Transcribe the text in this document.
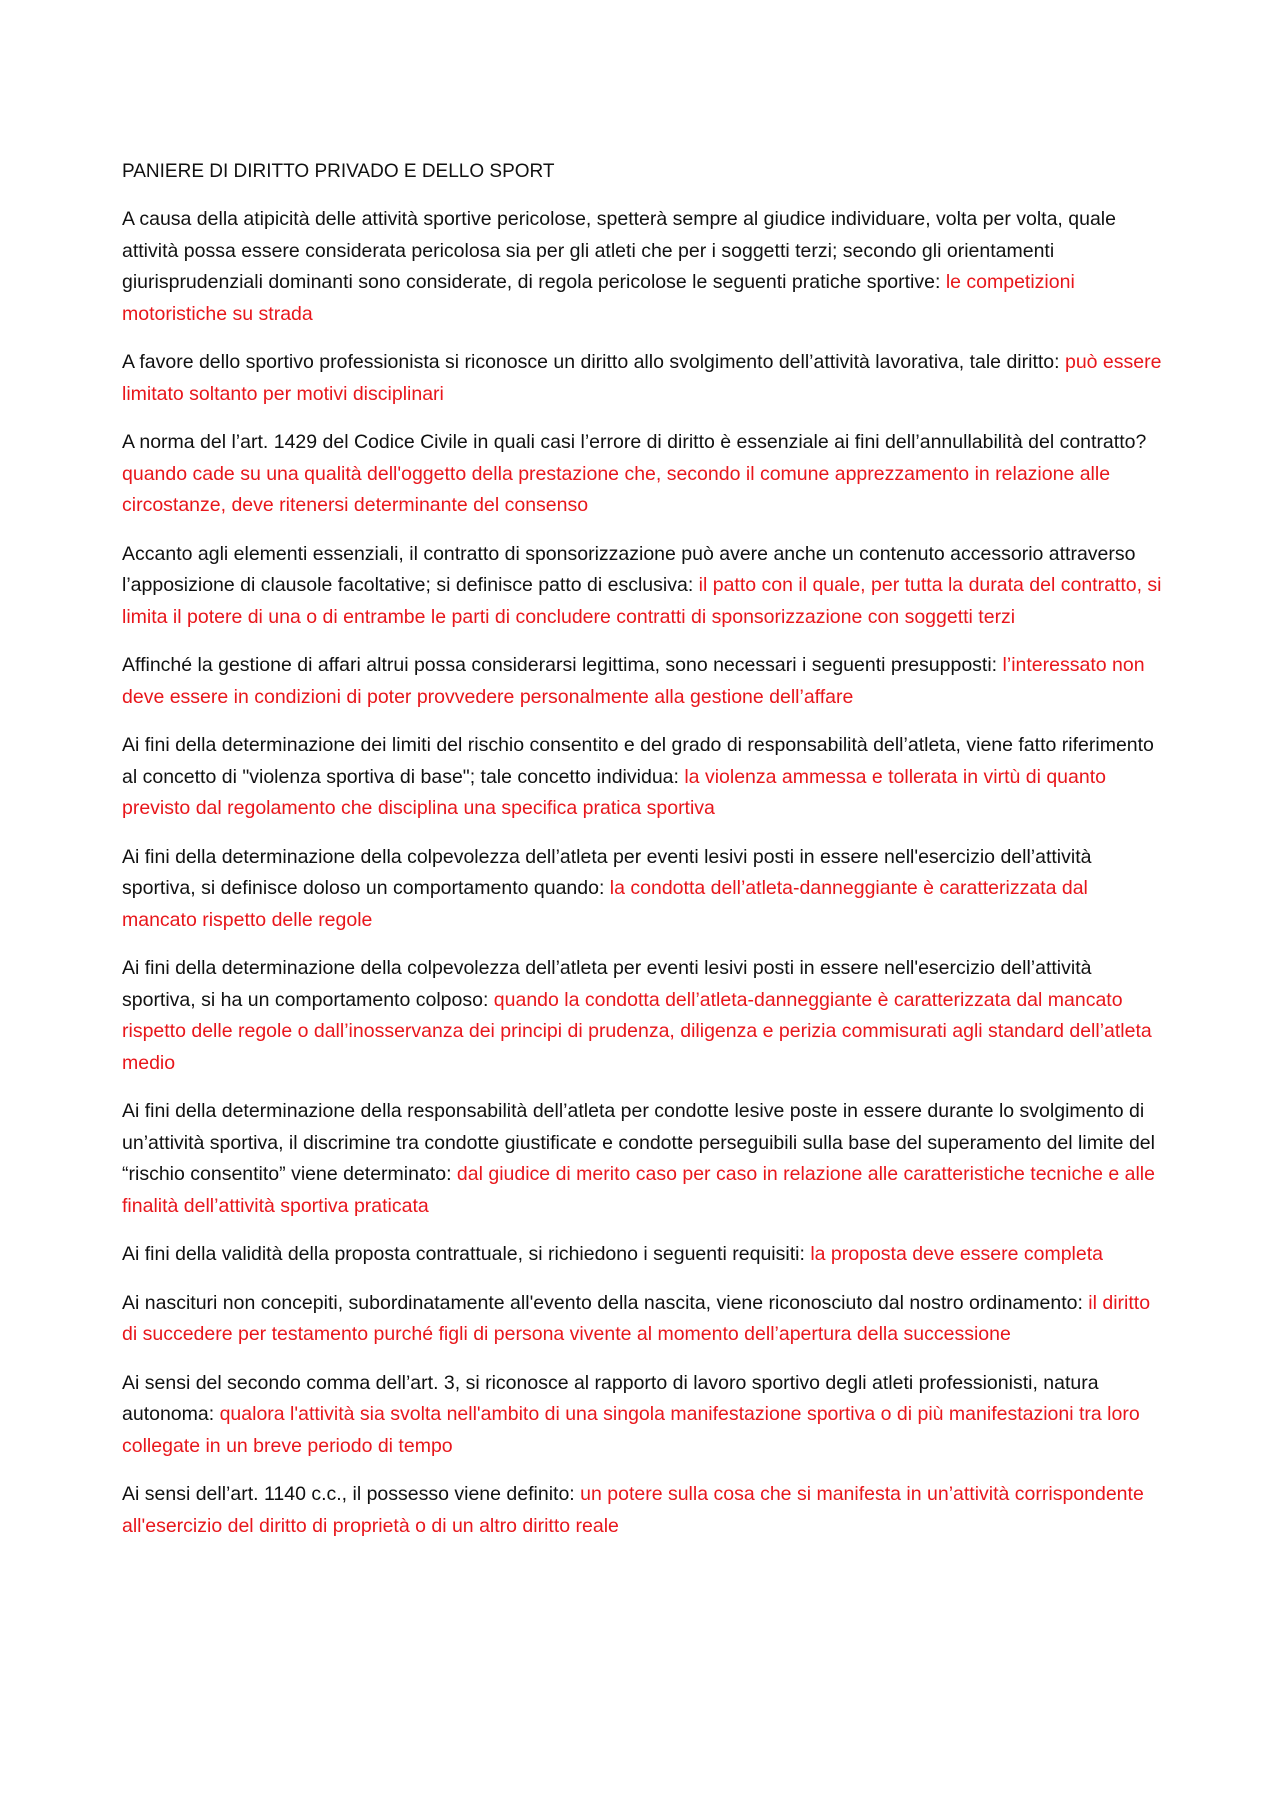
PANIERE DI DIRITTO PRIVADO E DELLO SPORT

A causa della atipicità delle attività sportive pericolose, spetterà sempre al giudice individuare, volta per volta, quale attività possa essere considerata pericolosa sia per gli atleti che per i soggetti terzi; secondo gli orientamenti giurisprudenziali dominanti sono considerate, di regola pericolose le seguenti pratiche sportive: le competizioni motoristiche su strada

A favore dello sportivo professionista si riconosce un diritto allo svolgimento dell’attività lavorativa, tale diritto: può essere limitato soltanto per motivi disciplinari

A norma del l’art. 1429 del Codice Civile in quali casi l’errore di diritto è essenziale ai fini dell’annullabilità del contratto? quando cade su una qualità dell'oggetto della prestazione che, secondo il comune apprezzamento in relazione alle circostanze, deve ritenersi determinante del consenso

Accanto agli elementi essenziali, il contratto di sponsorizzazione può avere anche un contenuto accessorio attraverso l’apposizione di clausole facoltative; si definisce patto di esclusiva: il patto con il quale, per tutta la durata del contratto, si limita il potere di una o di entrambe le parti di concludere contratti di sponsorizzazione con soggetti terzi

Affinché la gestione di affari altrui possa considerarsi legittima, sono necessari i seguenti presupposti: l’interessato non deve essere in condizioni di poter provvedere personalmente alla gestione dell’affare

Ai fini della determinazione dei limiti del rischio consentito e del grado di responsabilità dell’atleta, viene fatto riferimento al concetto di "violenza sportiva di base"; tale concetto individua: la violenza ammessa e tollerata in virtù di quanto previsto dal regolamento che disciplina una specifica pratica sportiva

Ai fini della determinazione della colpevolezza dell’atleta per eventi lesivi posti in essere nell'esercizio dell’attività sportiva, si definisce doloso un comportamento quando: la condotta dell’atleta-danneggiante è caratterizzata dal mancato rispetto delle regole

Ai fini della determinazione della colpevolezza dell’atleta per eventi lesivi posti in essere nell'esercizio dell’attività sportiva, si ha un comportamento colposo: quando la condotta dell’atleta-danneggiante è caratterizzata dal mancato rispetto delle regole o dall’inosservanza dei principi di prudenza, diligenza e perizia commisurati agli standard dell’atleta medio

Ai fini della determinazione della responsabilità dell’atleta per condotte lesive poste in essere durante lo svolgimento di un’attività sportiva, il discrimine tra condotte giustificate e condotte perseguibili sulla base del superamento del limite del “rischio consentito” viene determinato: dal giudice di merito caso per caso in relazione alle caratteristiche tecniche e alle finalità dell’attività sportiva praticata

Ai fini della validità della proposta contrattuale, si richiedono i seguenti requisiti: la proposta deve essere completa

Ai nascituri non concepiti, subordinatamente all'evento della nascita, viene riconosciuto dal nostro ordinamento: il diritto di succedere per testamento purché figli di persona vivente al momento dell’apertura della successione

Ai sensi del secondo comma dell’art. 3, si riconosce al rapporto di lavoro sportivo degli atleti professionisti, natura autonoma: qualora l'attività sia svolta nell'ambito di una singola manifestazione sportiva o di più manifestazioni tra loro collegate in un breve periodo di tempo

Ai sensi dell’art. 1140 c.c., il possesso viene definito: un potere sulla cosa che si manifesta in un’attività corrispondente all'esercizio del diritto di proprietà o di un altro diritto reale
